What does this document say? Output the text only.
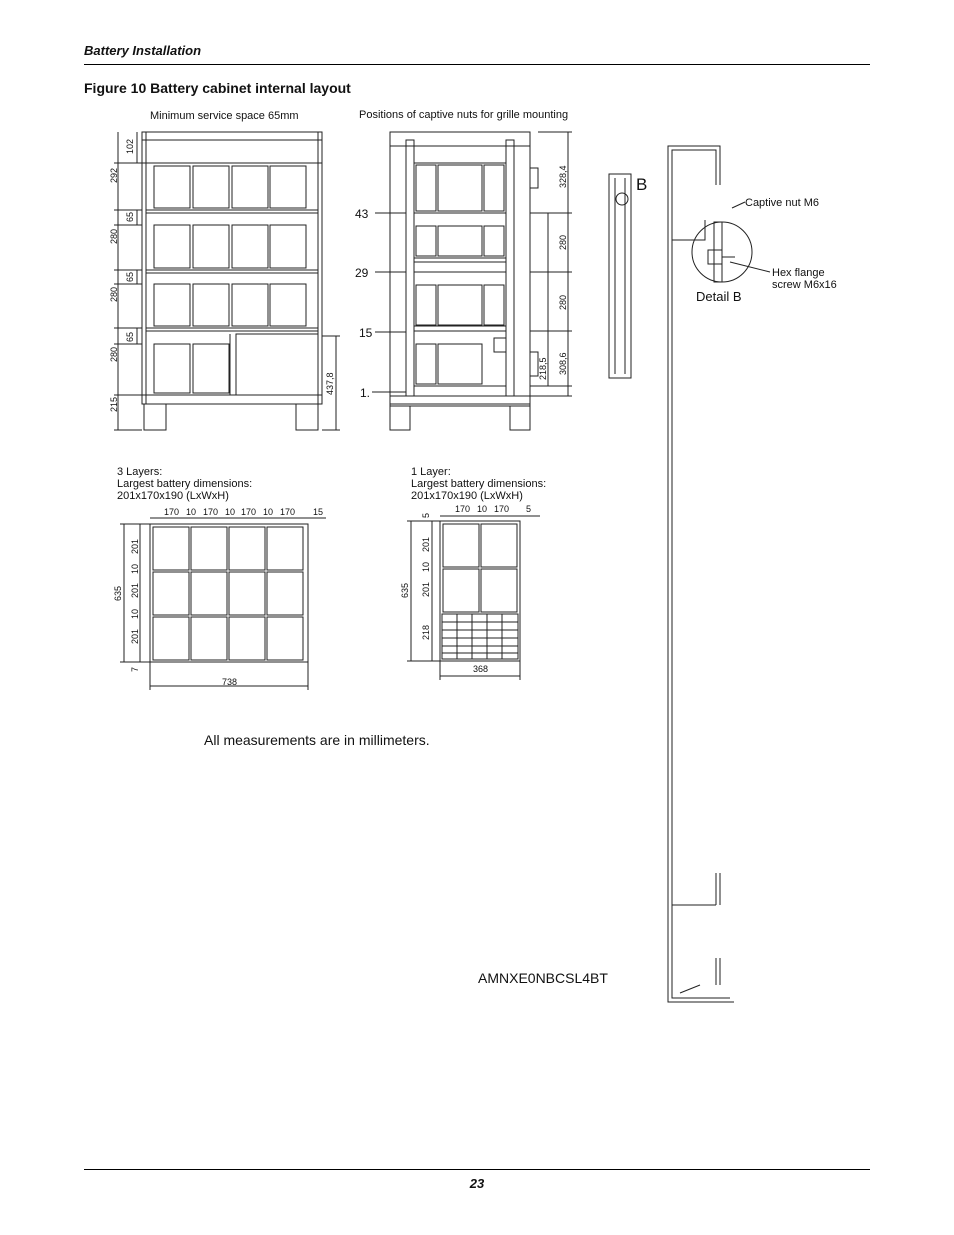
Battery Installation
Figure 10 Battery cabinet internal layout
Minimum service space 65mm	Positions of captive nuts for grille mounting
102
292
65
280
65
280
65
280
215
437,8
43
29
15
1.
328,4
280
280
218,5 308,6
B
Captive nut M6
Hex flange
screw M6x16
Detail B
3 Layers:
Largest battery dimensions:
201x170x190 (LxWxH)
170 10 170 10 170 10 170 15
201
10
201
10
201
7
635
738
1 Layer:
Largest battery dimensions:
201x170x190 (LxWxH)
170 10 170 5
5
201
10
201
218
635
368
All measurements are in millimeters.
AMNXE0NBCSL4BT
23
